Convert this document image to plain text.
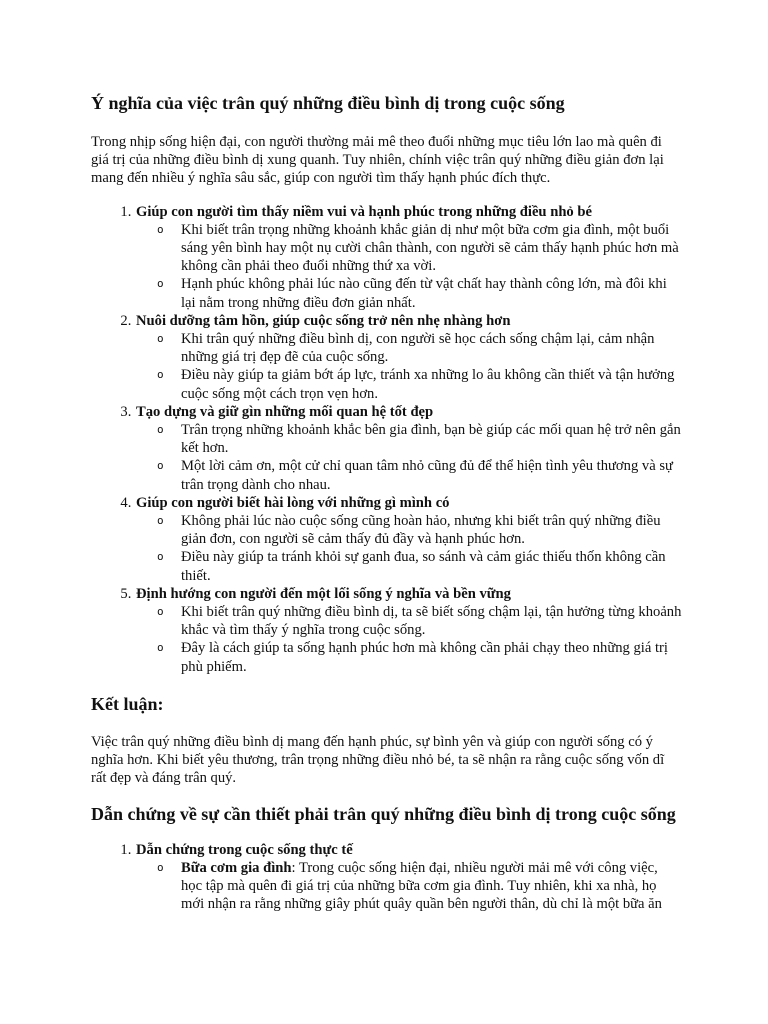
Ý nghĩa của việc trân quý những điều bình dị trong cuộc sống

Trong nhịp sống hiện đại, con người thường mải mê theo đuổi những mục tiêu lớn lao mà quên đi giá trị của những điều bình dị xung quanh. Tuy nhiên, chính việc trân quý những điều giản đơn lại mang đến nhiều ý nghĩa sâu sắc, giúp con người tìm thấy hạnh phúc đích thực.

1. Giúp con người tìm thấy niềm vui và hạnh phúc trong những điều nhỏ bé
o Khi biết trân trọng những khoảnh khắc giản dị như một bữa cơm gia đình, một buổi sáng yên bình hay một nụ cười chân thành, con người sẽ cảm thấy hạnh phúc hơn mà không cần phải theo đuổi những thứ xa vời.
o Hạnh phúc không phải lúc nào cũng đến từ vật chất hay thành công lớn, mà đôi khi lại nằm trong những điều đơn giản nhất.
2. Nuôi dưỡng tâm hồn, giúp cuộc sống trở nên nhẹ nhàng hơn
o Khi trân quý những điều bình dị, con người sẽ học cách sống chậm lại, cảm nhận những giá trị đẹp đẽ của cuộc sống.
o Điều này giúp ta giảm bớt áp lực, tránh xa những lo âu không cần thiết và tận hưởng cuộc sống một cách trọn vẹn hơn.
3. Tạo dựng và giữ gìn những mối quan hệ tốt đẹp
o Trân trọng những khoảnh khắc bên gia đình, bạn bè giúp các mối quan hệ trở nên gắn kết hơn.
o Một lời cảm ơn, một cử chỉ quan tâm nhỏ cũng đủ để thể hiện tình yêu thương và sự trân trọng dành cho nhau.
4. Giúp con người biết hài lòng với những gì mình có
o Không phải lúc nào cuộc sống cũng hoàn hảo, nhưng khi biết trân quý những điều giản đơn, con người sẽ cảm thấy đủ đầy và hạnh phúc hơn.
o Điều này giúp ta tránh khỏi sự ganh đua, so sánh và cảm giác thiếu thốn không cần thiết.
5. Định hướng con người đến một lối sống ý nghĩa và bền vững
o Khi biết trân quý những điều bình dị, ta sẽ biết sống chậm lại, tận hưởng từng khoảnh khắc và tìm thấy ý nghĩa trong cuộc sống.
o Đây là cách giúp ta sống hạnh phúc hơn mà không cần phải chạy theo những giá trị phù phiếm.
Kết luận:

Việc trân quý những điều bình dị mang đến hạnh phúc, sự bình yên và giúp con người sống có ý nghĩa hơn. Khi biết yêu thương, trân trọng những điều nhỏ bé, ta sẽ nhận ra rằng cuộc sống vốn dĩ rất đẹp và đáng trân quý.

Dẫn chứng về sự cần thiết phải trân quý những điều bình dị trong cuộc sống
1. Dẫn chứng trong cuộc sống thực tế
o Bữa cơm gia đình: Trong cuộc sống hiện đại, nhiều người mải mê với công việc, học tập mà quên đi giá trị của những bữa cơm gia đình. Tuy nhiên, khi xa nhà, họ mới nhận ra rằng những giây phút quây quần bên người thân, dù chỉ là một bữa ăn
